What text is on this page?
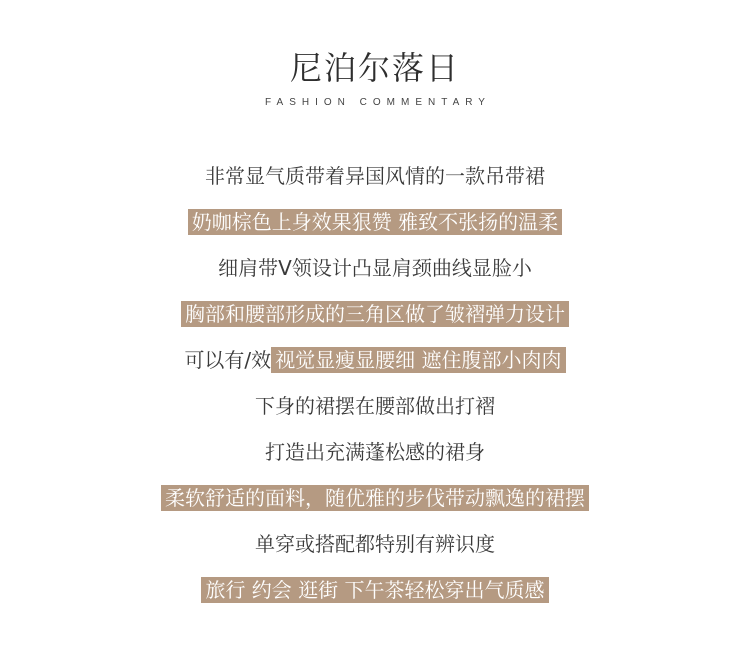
尼泊尔落日
FASHION COMMENTARY
非常显气质带着异国风情的一款吊带裙
奶咖棕色上身效果狠赞 雅致不张扬的温柔
细肩带V领设计凸显肩颈曲线显脸小
胸部和腰部形成的三角区做了皱褶弹力设计
可以有/效 视觉显瘦显腰细 遮住腹部小肉肉
下身的裙摆在腰部做出打褶
打造出充满蓬松感的裙身
柔软舒适的面料，随优雅的步伐带动飘逸的裙摆
单穿或搭配都特别有辨识度
旅行 约会 逛街 下午茶轻松穿出气质感
